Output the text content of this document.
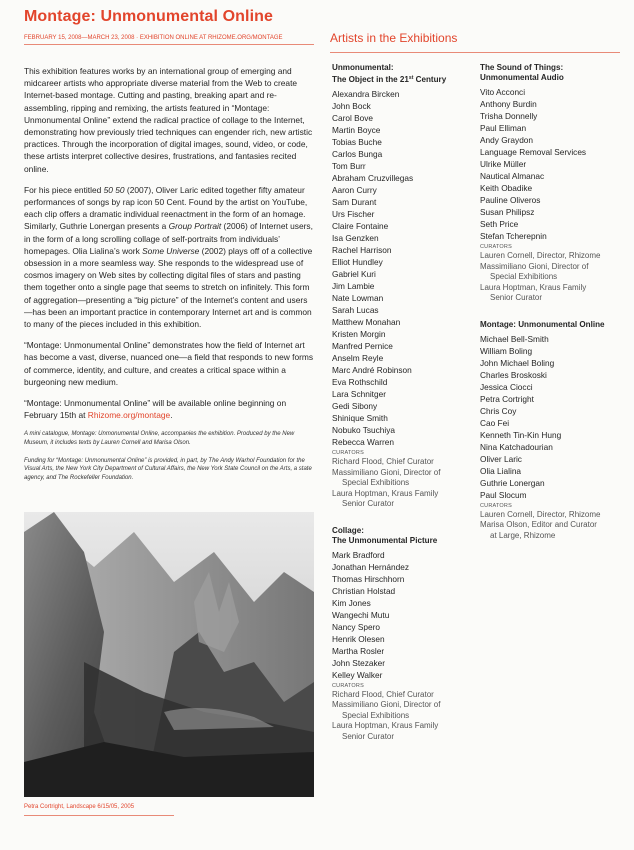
Montage: Unmonumental Online
FEBRUARY 15, 2008—MARCH 23, 2008 · EXHIBITION ONLINE AT RHIZOME.ORG/MONTAGE

This exhibition features works by an international group of emerging and midcareer artists who appropriate diverse material from the Web to create Internet-based montage. Cutting and pasting, breaking apart and re-assembling, ripping and remixing, the artists featured in “Montage: Unmonumental Online” extend the radical practice of collage to the Internet, demonstrating how previously tried techniques can engender rich, new artistic practices. Through the incorporation of digital images, sound, video, or code, these artists interpret collective desires, frustrations, and fantasies recited online.

For his piece entitled 50 50 (2007), Oliver Laric edited together fifty amateur performances of songs by rap icon 50 Cent. Found by the artist on YouTube, each clip offers a dramatic individual reenactment in the form of an homage. Similarly, Guthrie Lonergan presents a Group Portrait (2006) of Internet users, in the form of a long scrolling collage of self-portraits from individuals’ homepages. Olia Lialina’s work Some Universe (2002) plays off of a collective obsession in a more seamless way. She responds to the widespread use of cosmos imagery on Web sites by collecting digital files of stars and pasting them together onto a single page that seems to stretch on infinitely. This form of aggregation—presenting a “big picture” of the Internet’s content and users—has been an important practice in contemporary Internet art and is common to many of the pieces included in this exhibition.

“Montage: Unmonumental Online” demonstrates how the field of Internet art has become a vast, diverse, nuanced one—a field that responds to new forms of commerce, identity, and culture, and creates a critical space within a burgeoning new medium.

“Montage: Unmonumental Online” will be available online beginning on February 15th at Rhizome.org/montage.

A mini catalogue, Montage: Unmonumental Online, accompanies the exhibition. Produced by the New Museum, it includes texts by Lauren Cornell and Marisa Olson.

Funding for “Montage: Unmonumental Online” is provided, in part, by The Andy Warhol Foundation for the Visual Arts, the New York City Department of Cultural Affairs, the New York State Council on the Arts, a state agency, and The Rockefeller Foundation.

Petra Cortright, Landscape 6/15/05, 2005
Artists in the Exhibitions
Unmonumental:
The Object in the 21st Century
Alexandra Bircken
John Bock
Carol Bove
Martin Boyce
Tobias Buche
Carlos Bunga
Tom Burr
Abraham Cruzvillegas
Aaron Curry
Sam Durant
Urs Fischer
Claire Fontaine
Isa Genzken
Rachel Harrison
Elliot Hundley
Gabriel Kuri
Jim Lambie
Nate Lowman
Sarah Lucas
Matthew Monahan
Kristen Morgin
Manfred Pernice
Anselm Reyle
Marc André Robinson
Eva Rothschild
Lara Schnitger
Gedi Sibony
Shinique Smith
Nobuko Tsuchiya
Rebecca Warren
CURATORS
Richard Flood, Chief Curator
Massimiliano Gioni, Director of
Special Exhibitions
Laura Hoptman, Kraus Family
Senior Curator
Collage:
The Unmonumental Picture
Mark Bradford
Jonathan Hernández
Thomas Hirschhorn
Christian Holstad
Kim Jones
Wangechi Mutu
Nancy Spero
Henrik Olesen
Martha Rosler
John Stezaker
Kelley Walker
CURATORS
Richard Flood, Chief Curator
Massimiliano Gioni, Director of
Special Exhibitions
Laura Hoptman, Kraus Family
Senior Curator
The Sound of Things:
Unmonumental Audio
Vito Acconci
Anthony Burdin
Trisha Donnelly
Paul Elliman
Andy Graydon
Language Removal Services
Ulrike Müller
Nautical Almanac
Keith Obadike
Pauline Oliveros
Susan Philipsz
Seth Price
Stefan Tcherepnin
CURATORS
Lauren Cornell, Director, Rhizome
Massimiliano Gioni, Director of
Special Exhibitions
Laura Hoptman, Kraus Family
Senior Curator
Montage: Unmonumental Online
Michael Bell-Smith
William Boling
John Michael Boling
Charles Broskoski
Jessica Ciocci
Petra Cortright
Chris Coy
Cao Fei
Kenneth Tin-Kin Hung
Nina Katchadourian
Oliver Laric
Olia Lialina
Guthrie Lonergan
Paul Slocum
CURATORS
Lauren Cornell, Director, Rhizome
Marisa Olson, Editor and Curator
at Large, Rhizome
